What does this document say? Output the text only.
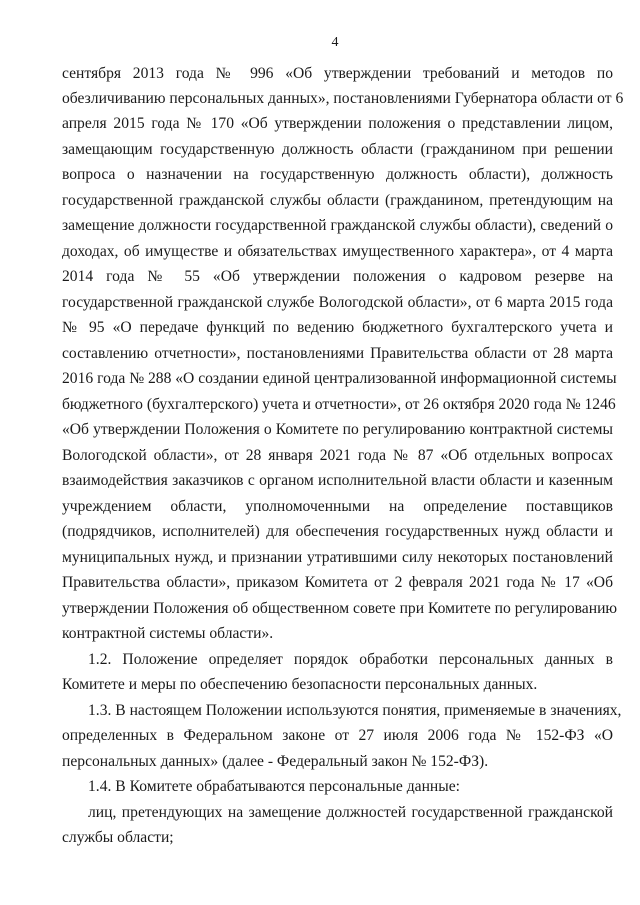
4
сентября 2013 года № 996 «Об утверждении требований и методов по
обезличиванию персональных данных», постановлениями Губернатора области от 6
апреля 2015 года № 170 «Об утверждении положения о представлении лицом,
замещающим государственную должность области (гражданином при решении
вопроса о назначении на государственную должность области), должность
государственной гражданской службы области (гражданином, претендующим на
замещение должности государственной гражданской службы области), сведений о
доходах, об имуществе и обязательствах имущественного характера», от 4 марта
2014 года № 55 «Об утверждении положения о кадровом резерве на
государственной гражданской службе Вологодской области», от 6 марта 2015 года
№ 95 «О передаче функций по ведению бюджетного бухгалтерского учета и
составлению отчетности», постановлениями Правительства области от 28 марта
2016 года № 288 «О создании единой централизованной информационной системы
бюджетного (бухгалтерского) учета и отчетности», от 26 октября 2020 года № 1246
«Об утверждении Положения о Комитете по регулированию контрактной системы
Вологодской области», от 28 января 2021 года № 87 «Об отдельных вопросах
взаимодействия заказчиков с органом исполнительной власти области и казенным
учреждением области, уполномоченными на определение поставщиков
(подрядчиков, исполнителей) для обеспечения государственных нужд области и
муниципальных нужд, и признании утратившими силу некоторых постановлений
Правительства области», приказом Комитета от 2 февраля 2021 года № 17 «Об
утверждении Положения об общественном совете при Комитете по регулированию
контрактной системы области».
1.2. Положение определяет порядок обработки персональных данных в
Комитете и меры по обеспечению безопасности персональных данных.
1.3. В настоящем Положении используются понятия, применяемые в значениях,
определенных в Федеральном законе от 27 июля 2006 года № 152-ФЗ «О
персональных данных» (далее - Федеральный закон № 152-ФЗ).
1.4. В Комитете обрабатываются персональные данные:
лиц, претендующих на замещение должностей государственной гражданской
службы области;
